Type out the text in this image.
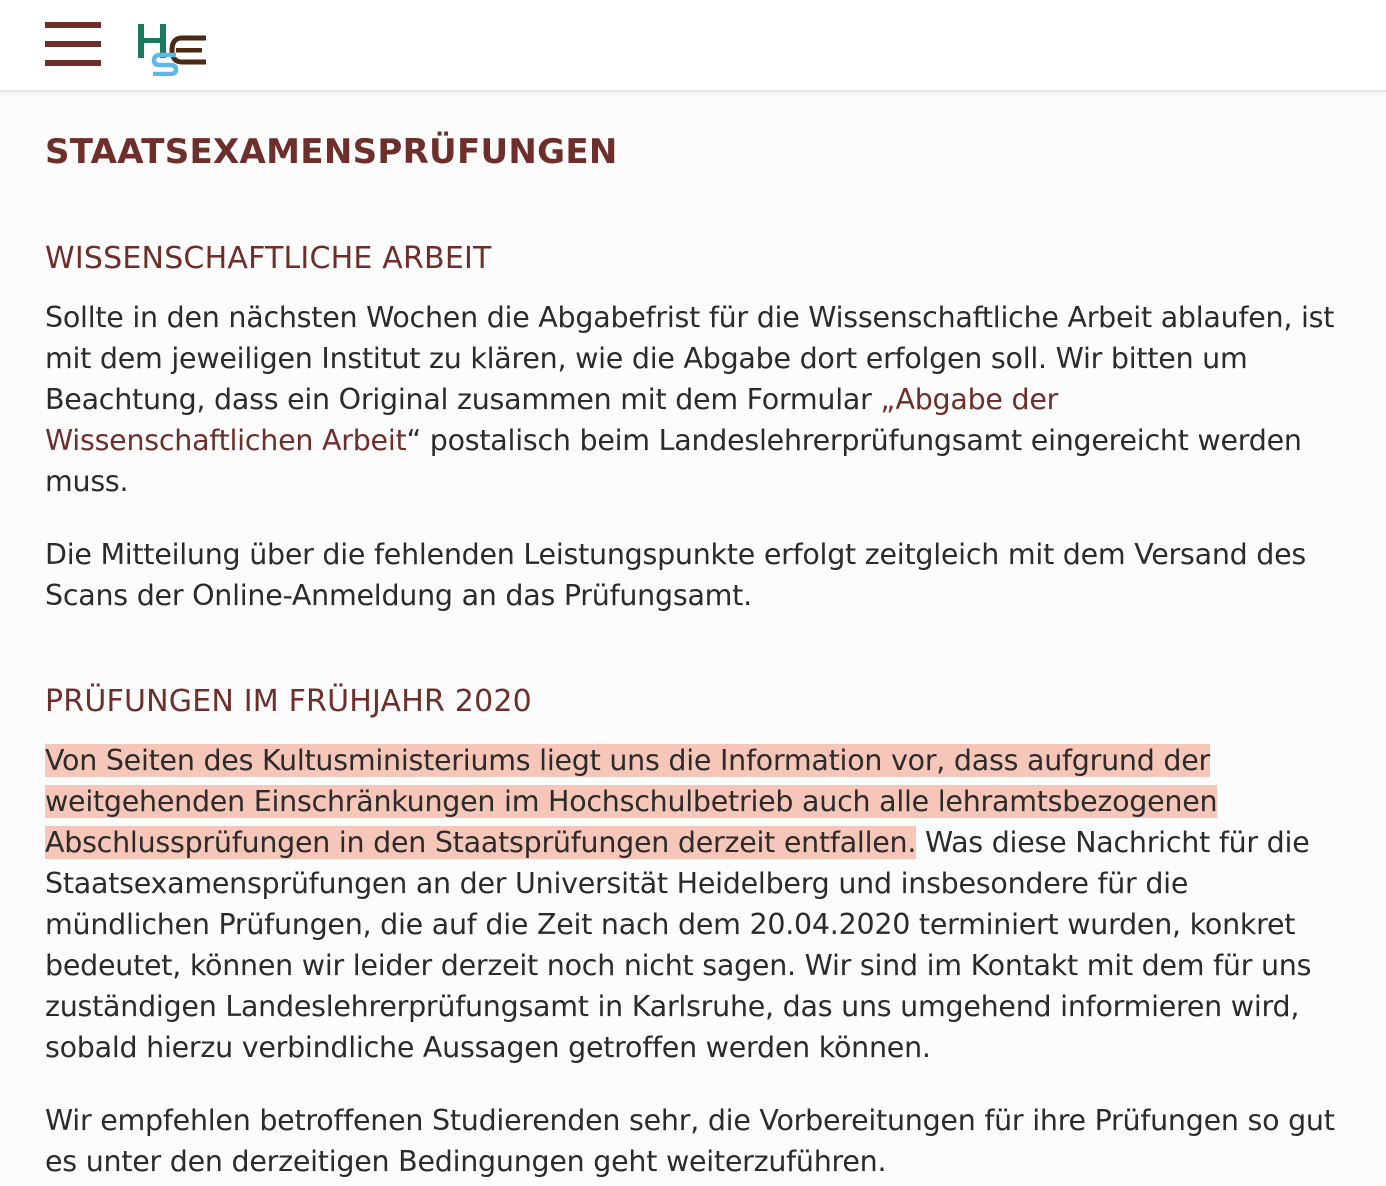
STAATSEXAMENSPRÜFUNGEN
WISSENSCHAFTLICHE ARBEIT

Sollte in den nächsten Wochen die Abgabefrist für die Wissenschaftliche Arbeit ablaufen, ist mit dem jeweiligen Institut zu klären, wie die Abgabe dort erfolgen soll. Wir bitten um Beachtung, dass ein Original zusammen mit dem Formular „Abgabe der Wissenschaftlichen Arbeit“ postalisch beim Landeslehrerprüfungsamt eingereicht werden muss.

Die Mitteilung über die fehlenden Leistungspunkte erfolgt zeitgleich mit dem Versand des Scans der Online-Anmeldung an das Prüfungsamt.

PRÜFUNGEN IM FRÜHJAHR 2020

Von Seiten des Kultusministeriums liegt uns die Information vor, dass aufgrund der weitgehenden Einschränkungen im Hochschulbetrieb auch alle lehramtsbezogenen Abschlussprüfungen in den Staatsprüfungen derzeit entfallen. Was diese Nachricht für die Staatsexamensprüfungen an der Universität Heidelberg und insbesondere für die mündlichen Prüfungen, die auf die Zeit nach dem 20.04.2020 terminiert wurden, konkret bedeutet, können wir leider derzeit noch nicht sagen. Wir sind im Kontakt mit dem für uns zuständigen Landeslehrerprüfungsamt in Karlsruhe, das uns umgehend informieren wird, sobald hierzu verbindliche Aussagen getroffen werden können.

Wir empfehlen betroffenen Studierenden sehr, die Vorbereitungen für ihre Prüfungen so gut es unter den derzeitigen Bedingungen geht weiterzuführen.
